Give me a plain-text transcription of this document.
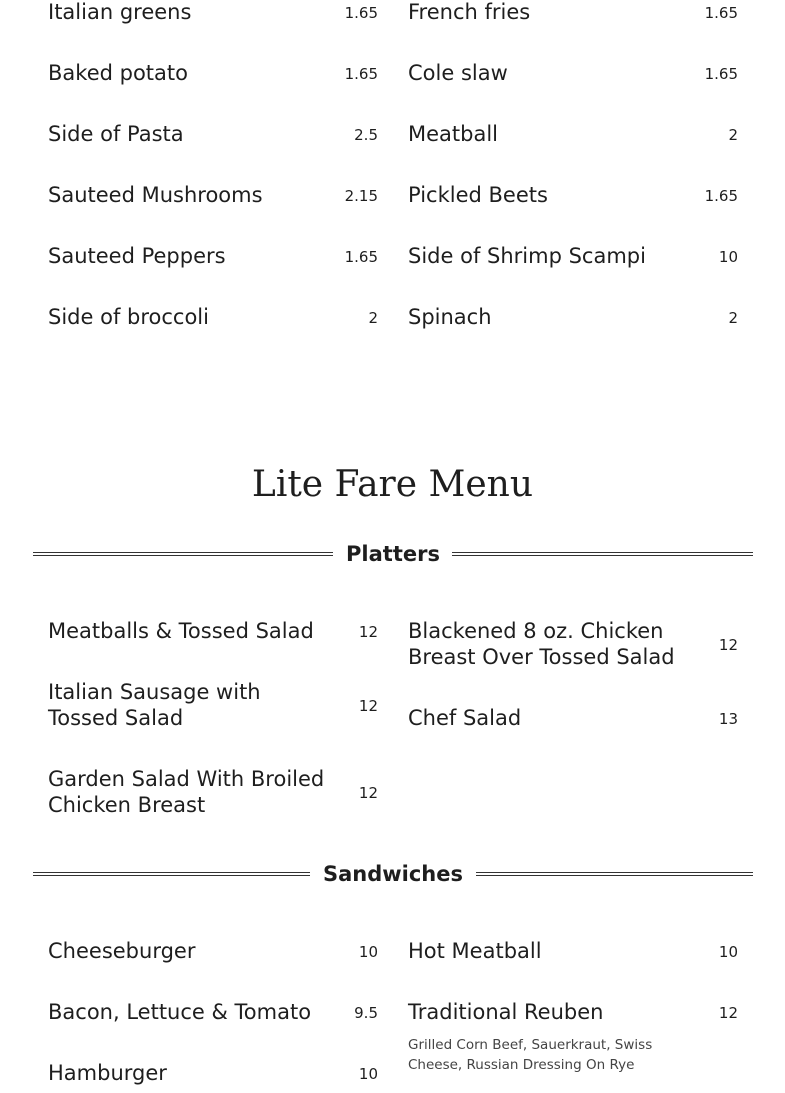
Italian greens	1.65
Baked potato	1.65
Side of Pasta	2.5
Sauteed Mushrooms	2.15
Sauteed Peppers	1.65
Side of broccoli	2
French fries	1.65
Cole slaw	1.65
Meatball	2
Pickled Beets	1.65
Side of Shrimp Scampi	10
Spinach	2
Lite Fare Menu
Platters
Meatballs & Tossed Salad	12
Italian Sausage with Tossed Salad	12
Garden Salad With Broiled Chicken Breast	12
Blackened 8 oz. Chicken Breast Over Tossed Salad	12
Chef Salad	13
Sandwiches
Cheeseburger	10
Bacon, Lettuce & Tomato	9.5
Hamburger	10
Hot Meatball	10
Traditional Reuben	12
Grilled Corn Beef, Sauerkraut, Swiss Cheese, Russian Dressing On Rye
